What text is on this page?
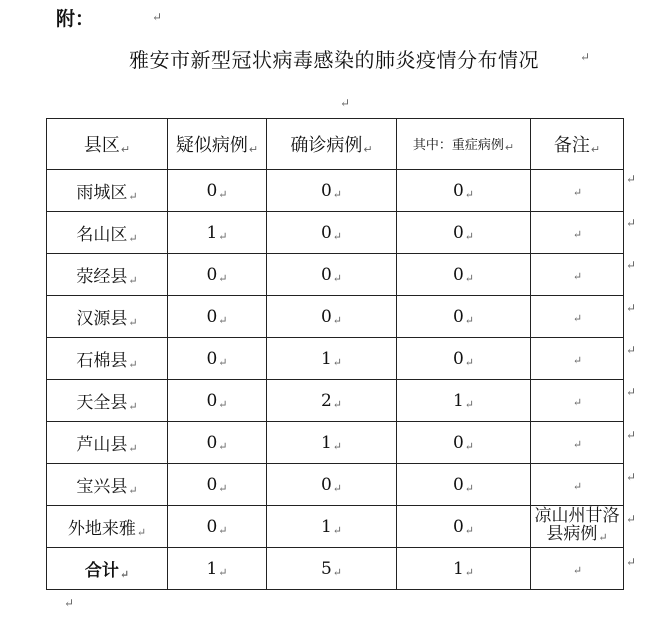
附：	↵
雅安市新型冠状病毒感染的肺炎疫情分布情况	↵
↵
县区↵	疑似病例↵	确诊病例↵	其中：重症病例↵	备注↵
雨城区↵	0↵	0↵	0↵	↵
名山区↵	1↵	0↵	0↵	↵
荥经县↵	0↵	0↵	0↵	↵
汉源县↵	0↵	0↵	0↵	↵
石棉县↵	0↵	1↵	0↵	↵
天全县↵	0↵	2↵	1↵	↵
芦山县↵	0↵	1↵	0↵	↵
宝兴县↵	0↵	0↵	0↵	↵
外地来雅↵	0↵	1↵	0↵	凉山州甘洛县病例↵
合计↵	1↵	5↵	1↵	↵
↵
↵
↵
↵
↵
↵
↵
↵
↵
↵
↵
